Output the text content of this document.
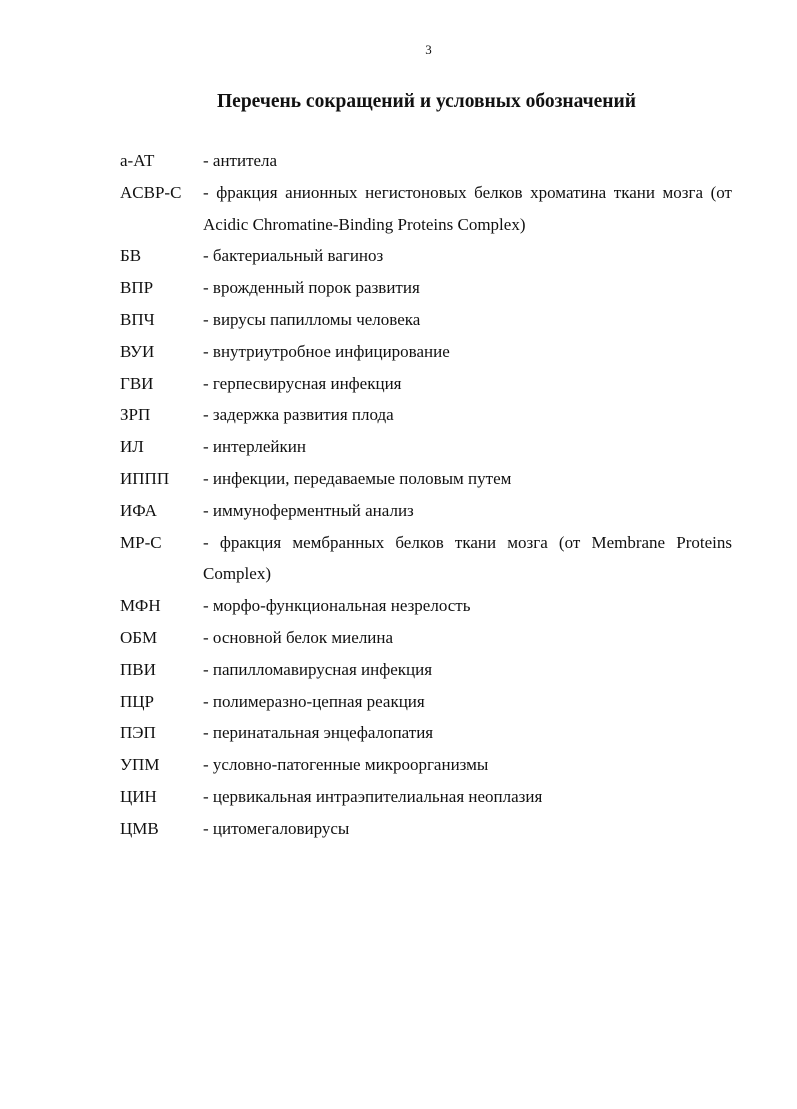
3
Перечень сокращений и условных обозначений
а-АТ	- антитела
ACBP-C	- фракция анионных негистоновых белков хроматина ткани мозга (от Acidic Chromatine-Binding Proteins Complex)
БВ	- бактериальный вагиноз
ВПР	- врожденный порок развития
ВПЧ	- вирусы папилломы человека
ВУИ	- внутриутробное инфицирование
ГВИ	- герпесвирусная инфекция
ЗРП	- задержка развития плода
ИЛ	- интерлейкин
ИППП	- инфекции, передаваемые половым путем
ИФА	- иммуноферментный анализ
MP-C	- фракция мембранных белков ткани мозга (от Membrane Proteins Complex)
МФН	- морфо-функциональная незрелость
ОБМ	- основной белок миелина
ПВИ	- папилломавирусная инфекция
ПЦР	- полимеразно-цепная реакция
ПЭП	- перинатальная энцефалопатия
УПМ	- условно-патогенные микроорганизмы
ЦИН	- цервикальная интраэпителиальная неоплазия
ЦМВ	- цитомегаловирусы
